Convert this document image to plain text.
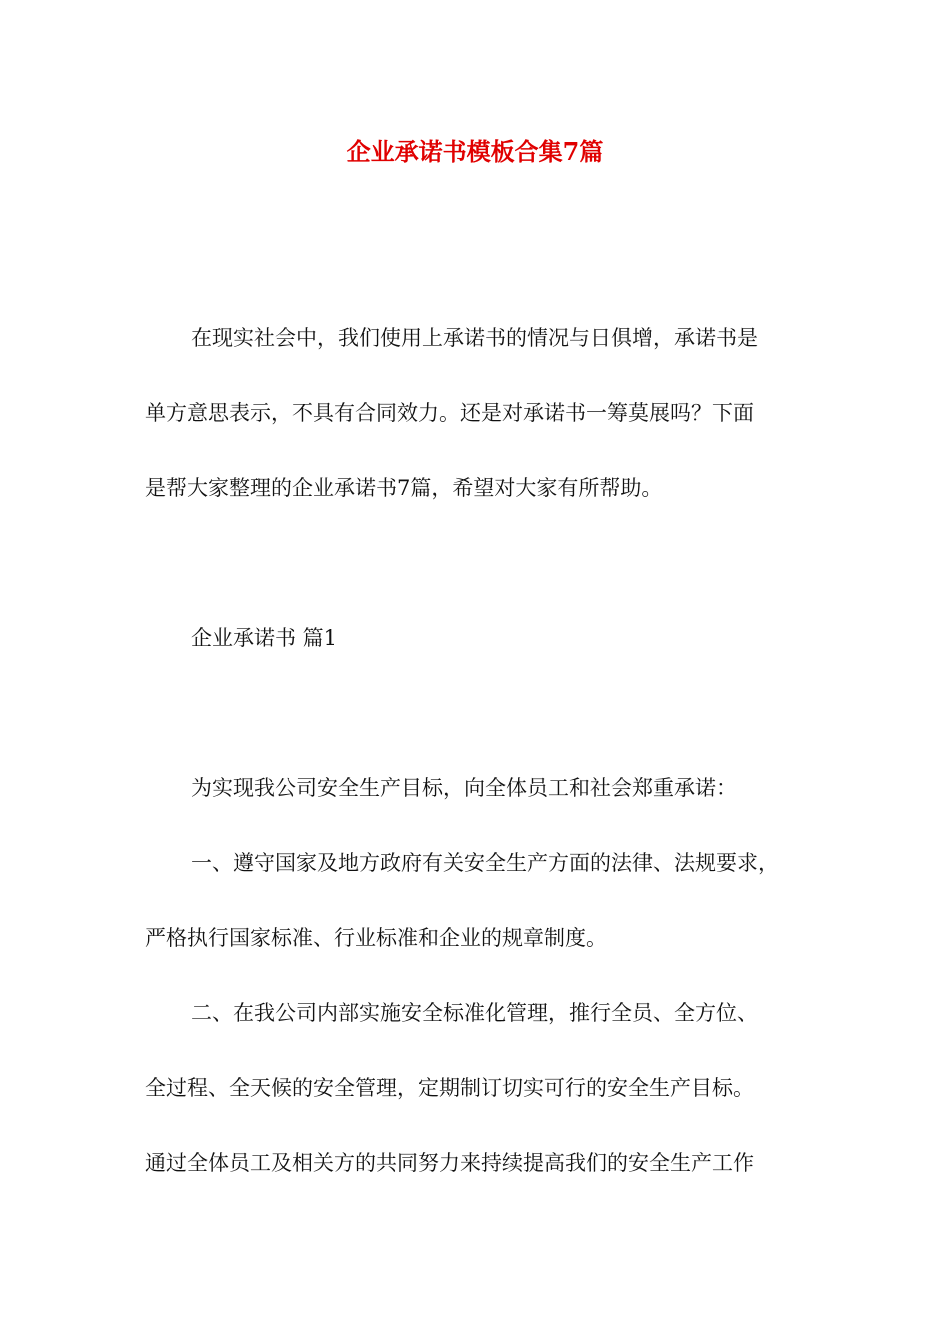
企业承诺书模板合集7篇
在现实社会中，我们使用上承诺书的情况与日俱增，承诺书是
单方意思表示，不具有合同效力。还是对承诺书一筹莫展吗？下面
是帮大家整理的企业承诺书7篇，希望对大家有所帮助。
企业承诺书 篇1
为实现我公司安全生产目标，向全体员工和社会郑重承诺：
一、遵守国家及地方政府有关安全生产方面的法律、法规要求，
严格执行国家标准、行业标准和企业的规章制度。
二、在我公司内部实施安全标准化管理，推行全员、全方位、
全过程、全天候的安全管理，定期制订切实可行的安全生产目标。
通过全体员工及相关方的共同努力来持续提高我们的安全生产工作
